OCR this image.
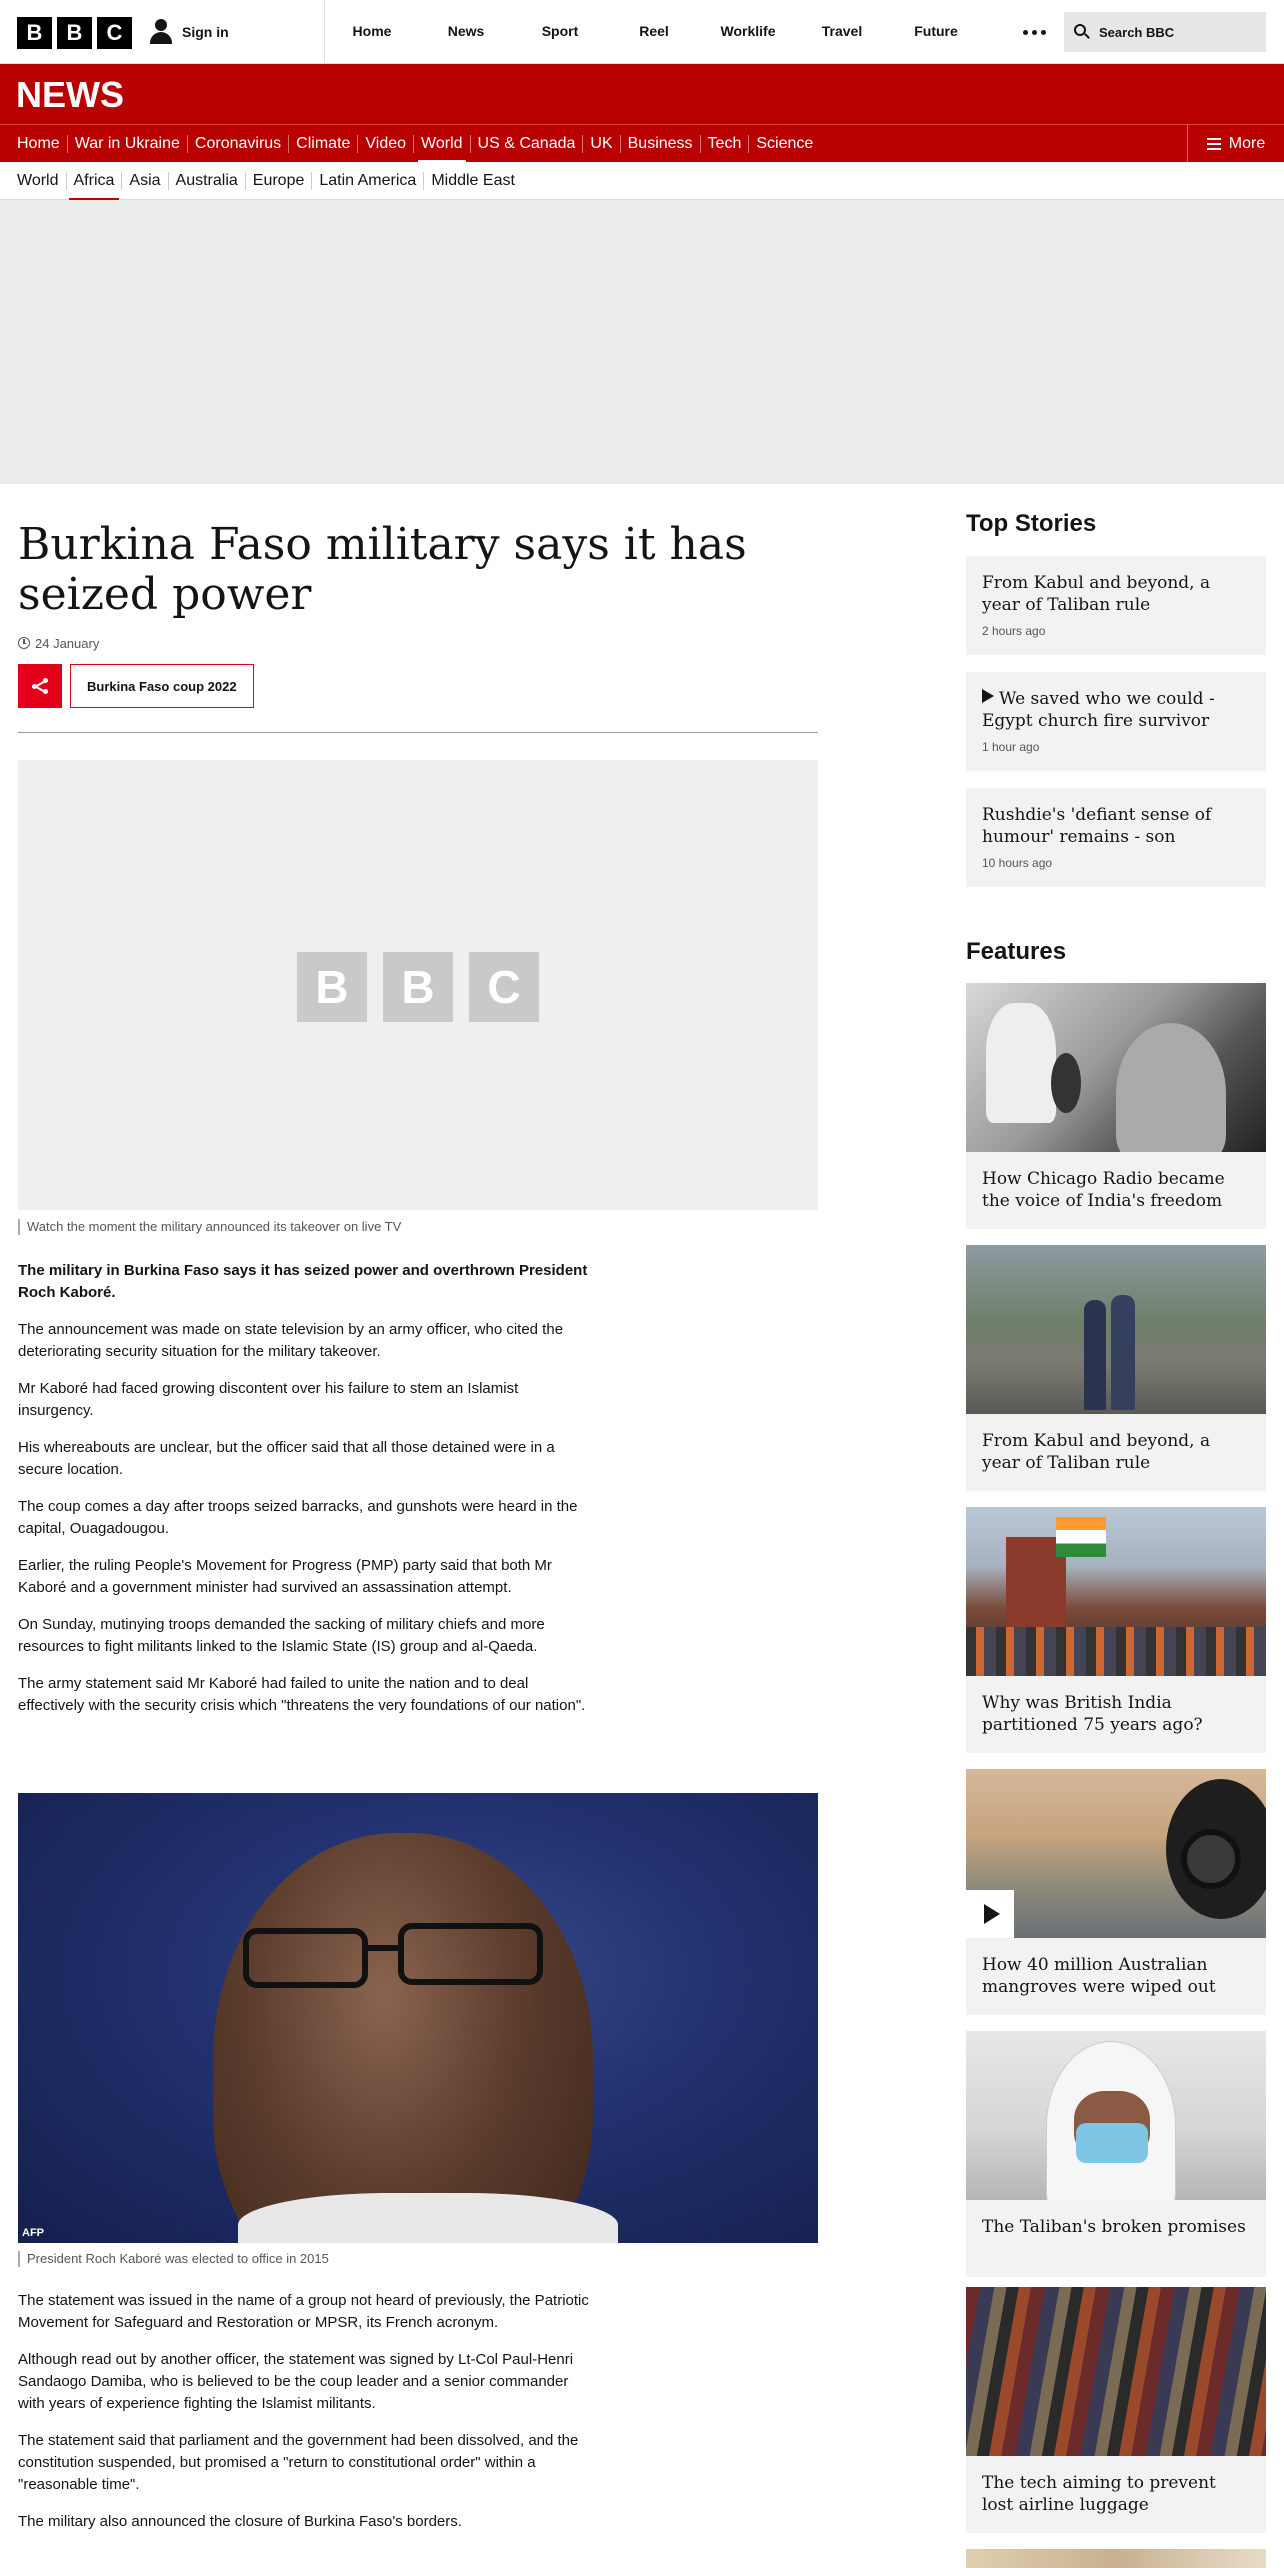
B	B	C	Sign in	Home	News	Sport	Reel	Worklife	Travel	Future	Search BBC
NEWS
Home War in Ukraine Coronavirus Climate Video World US & Canada UK Business Tech Science	More
World Africa Asia Australia Europe Latin America Middle East
Burkina Faso military says it has seized power
24 January
Burkina Faso coup 2022
B	B	C
Watch the moment the military announced its takeover on live TV

The military in Burkina Faso says it has seized power and overthrown President Roch Kaboré.

The announcement was made on state television by an army officer, who cited the deteriorating security situation for the military takeover.

Mr Kaboré had faced growing discontent over his failure to stem an Islamist insurgency.

His whereabouts are unclear, but the officer said that all those detained were in a secure location.

The coup comes a day after troops seized barracks, and gunshots were heard in the capital, Ouagadougou.

Earlier, the ruling People's Movement for Progress (PMP) party said that both Mr Kaboré and a government minister had survived an assassination attempt.

On Sunday, mutinying troops demanded the sacking of military chiefs and more resources to fight militants linked to the Islamic State (IS) group and al-Qaeda.

The army statement said Mr Kaboré had failed to unite the nation and to deal effectively with the security crisis which "threatens the very foundations of our nation".

AFP
President Roch Kaboré was elected to office in 2015

The statement was issued in the name of a group not heard of previously, the Patriotic Movement for Safeguard and Restoration or MPSR, its French acronym.

Although read out by another officer, the statement was signed by Lt-Col Paul-Henri Sandaogo Damiba, who is believed to be the coup leader and a senior commander with years of experience fighting the Islamist militants.

The statement said that parliament and the government had been dissolved, and the constitution suspended, but promised a "return to constitutional order" within a "reasonable time".

The military also announced the closure of Burkina Faso's borders.

Top Stories
From Kabul and beyond, a year of Taliban rule
2 hours ago
We saved who we could - Egypt church fire survivor
1 hour ago
Rushdie's 'defiant sense of humour' remains - son
10 hours ago
Features
How Chicago Radio became the voice of India's freedom
From Kabul and beyond, a year of Taliban rule
Why was British India partitioned 75 years ago?
How 40 million Australian mangroves were wiped out
The Taliban's broken promises
The tech aiming to prevent lost airline luggage
